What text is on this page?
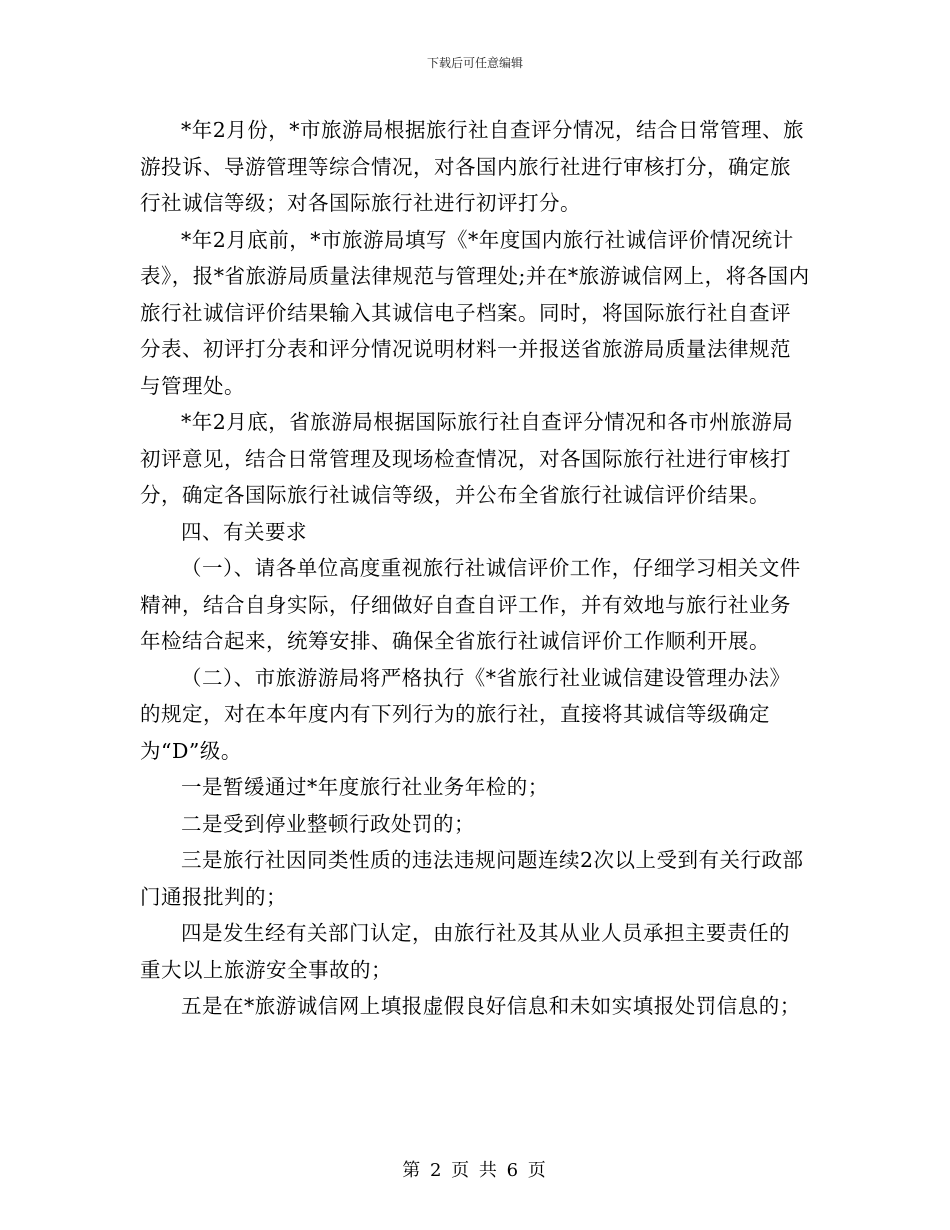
下载后可任意编辑

*年2月份，*市旅游局根据旅行社自查评分情况，结合日常管理、旅游投诉、导游管理等综合情况，对各国内旅行社进行审核打分，确定旅行社诚信等级；对各国际旅行社进行初评打分。

*年2月底前，*市旅游局填写《*年度国内旅行社诚信评价情况统计表》，报*省旅游局质量法律规范与管理处;并在*旅游诚信网上，将各国内旅行社诚信评价结果输入其诚信电子档案。同时，将国际旅行社自查评分表、初评打分表和评分情况说明材料一并报送省旅游局质量法律规范与管理处。

*年2月底，省旅游局根据国际旅行社自查评分情况和各市州旅游局初评意见，结合日常管理及现场检查情况，对各国际旅行社进行审核打分，确定各国际旅行社诚信等级，并公布全省旅行社诚信评价结果。

四、有关要求

（一）、请各单位高度重视旅行社诚信评价工作，仔细学习相关文件精神，结合自身实际，仔细做好自查自评工作，并有效地与旅行社业务年检结合起来，统筹安排、确保全省旅行社诚信评价工作顺利开展。

（二）、市旅游游局将严格执行《*省旅行社业诚信建设管理办法》的规定，对在本年度内有下列行为的旅行社，直接将其诚信等级确定为“D”级。

一是暂缓通过*年度旅行社业务年检的；

二是受到停业整顿行政处罚的；

三是旅行社因同类性质的违法违规问题连续2次以上受到有关行政部门通报批判的；

四是发生经有关部门认定，由旅行社及其从业人员承担主要责任的重大以上旅游安全事故的；

五是在*旅游诚信网上填报虚假良好信息和未如实填报处罚信息的；

第 2 页 共 6 页
